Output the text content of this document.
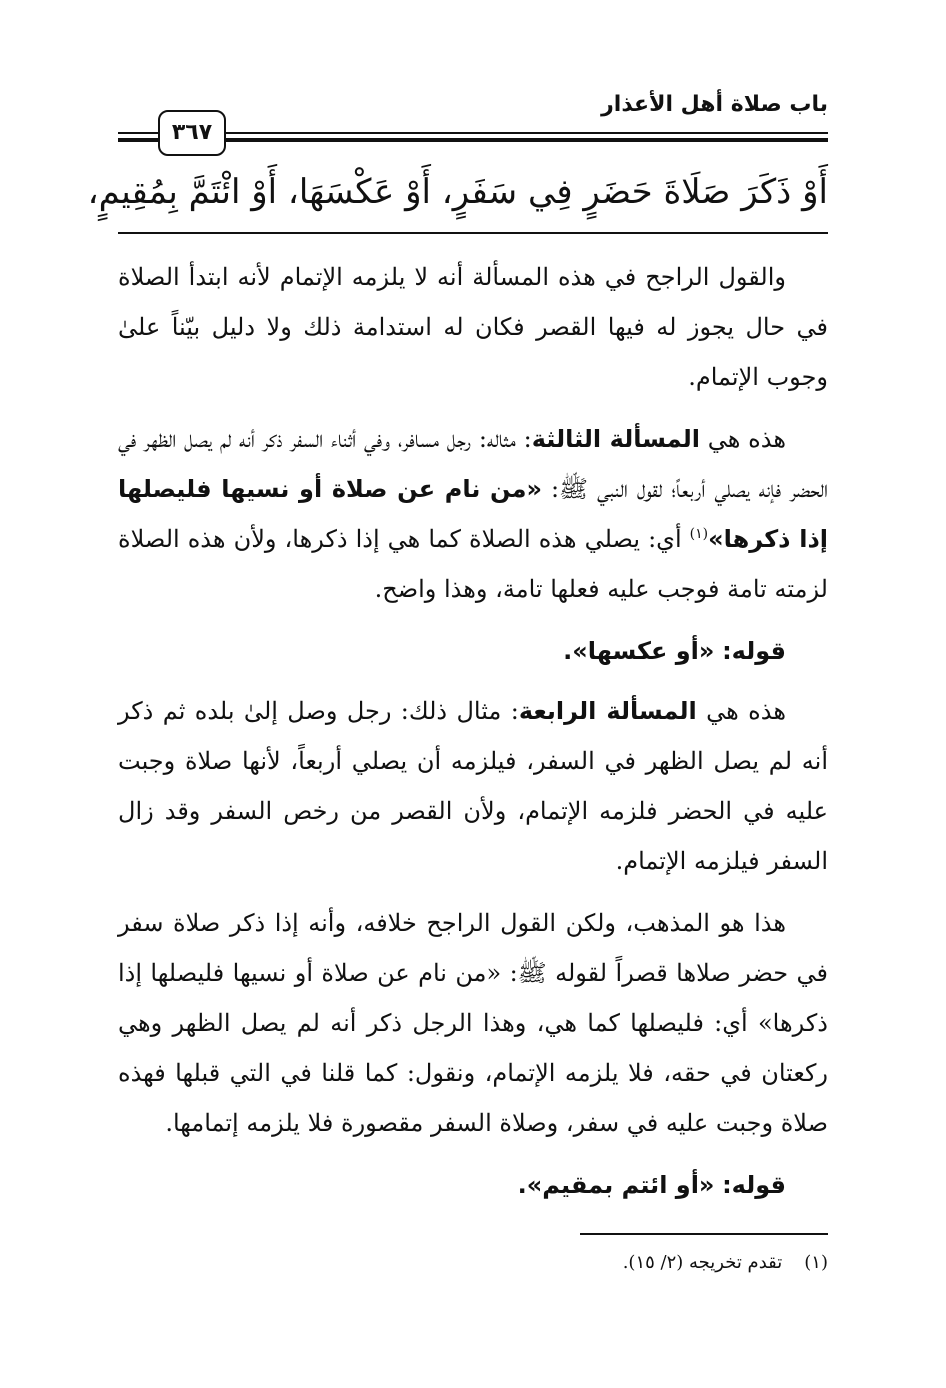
باب صلاة أهل الأعذار
٣٦٧
أَوْ ذَكَرَ صَلَاةَ حَضَرٍ فِي سَفَرٍ، أَوْ عَكْسَهَا، أَوْ ائْتَمَّ بِمُقِيمٍ،

والقول الراجح في هذه المسألة أنه لا يلزمه الإتمام لأنه ابتدأ الصلاة في حال يجوز له فيها القصر فكان له استدامة ذلك ولا دليل بيّناً علىٰ وجوب الإتمام.

هذه هي المسألة الثالثة: مثاله: رجل مسافر، وفي أثناء السفر ذكر أنه لم يصل الظهر في الحضر فإنه يصلي أربعاً؛ لقول النبي ﷺ: «من نام عن صلاة أو نسيها فليصلها إذا ذكرها»$^{(١)}$ أي: يصلي هذه الصلاة كما هي إذا ذكرها، ولأن هذه الصلاة لزمته تامة فوجب عليه فعلها تامة، وهذا واضح.

قوله: «أو عكسها».

هذه هي المسألة الرابعة: مثال ذلك: رجل وصل إلىٰ بلده ثم ذكر أنه لم يصل الظهر في السفر، فيلزمه أن يصلي أربعاً، لأنها صلاة وجبت عليه في الحضر فلزمه الإتمام، ولأن القصر من رخص السفر وقد زال السفر فيلزمه الإتمام.

هذا هو المذهب، ولكن القول الراجح خلافه، وأنه إذا ذكر صلاة سفر في حضر صلاها قصراً لقوله ﷺ: «من نام عن صلاة أو نسيها فليصلها إذا ذكرها» أي: فليصلها كما هي، وهذا الرجل ذكر أنه لم يصل الظهر وهي ركعتان في حقه، فلا يلزمه الإتمام، ونقول: كما قلنا في التي قبلها فهذه صلاة وجبت عليه في سفر، وصلاة السفر مقصورة فلا يلزمه إتمامها.

قوله: «أو ائتم بمقيم».

(١)تقدم تخريجه (٢/ ١٥).
